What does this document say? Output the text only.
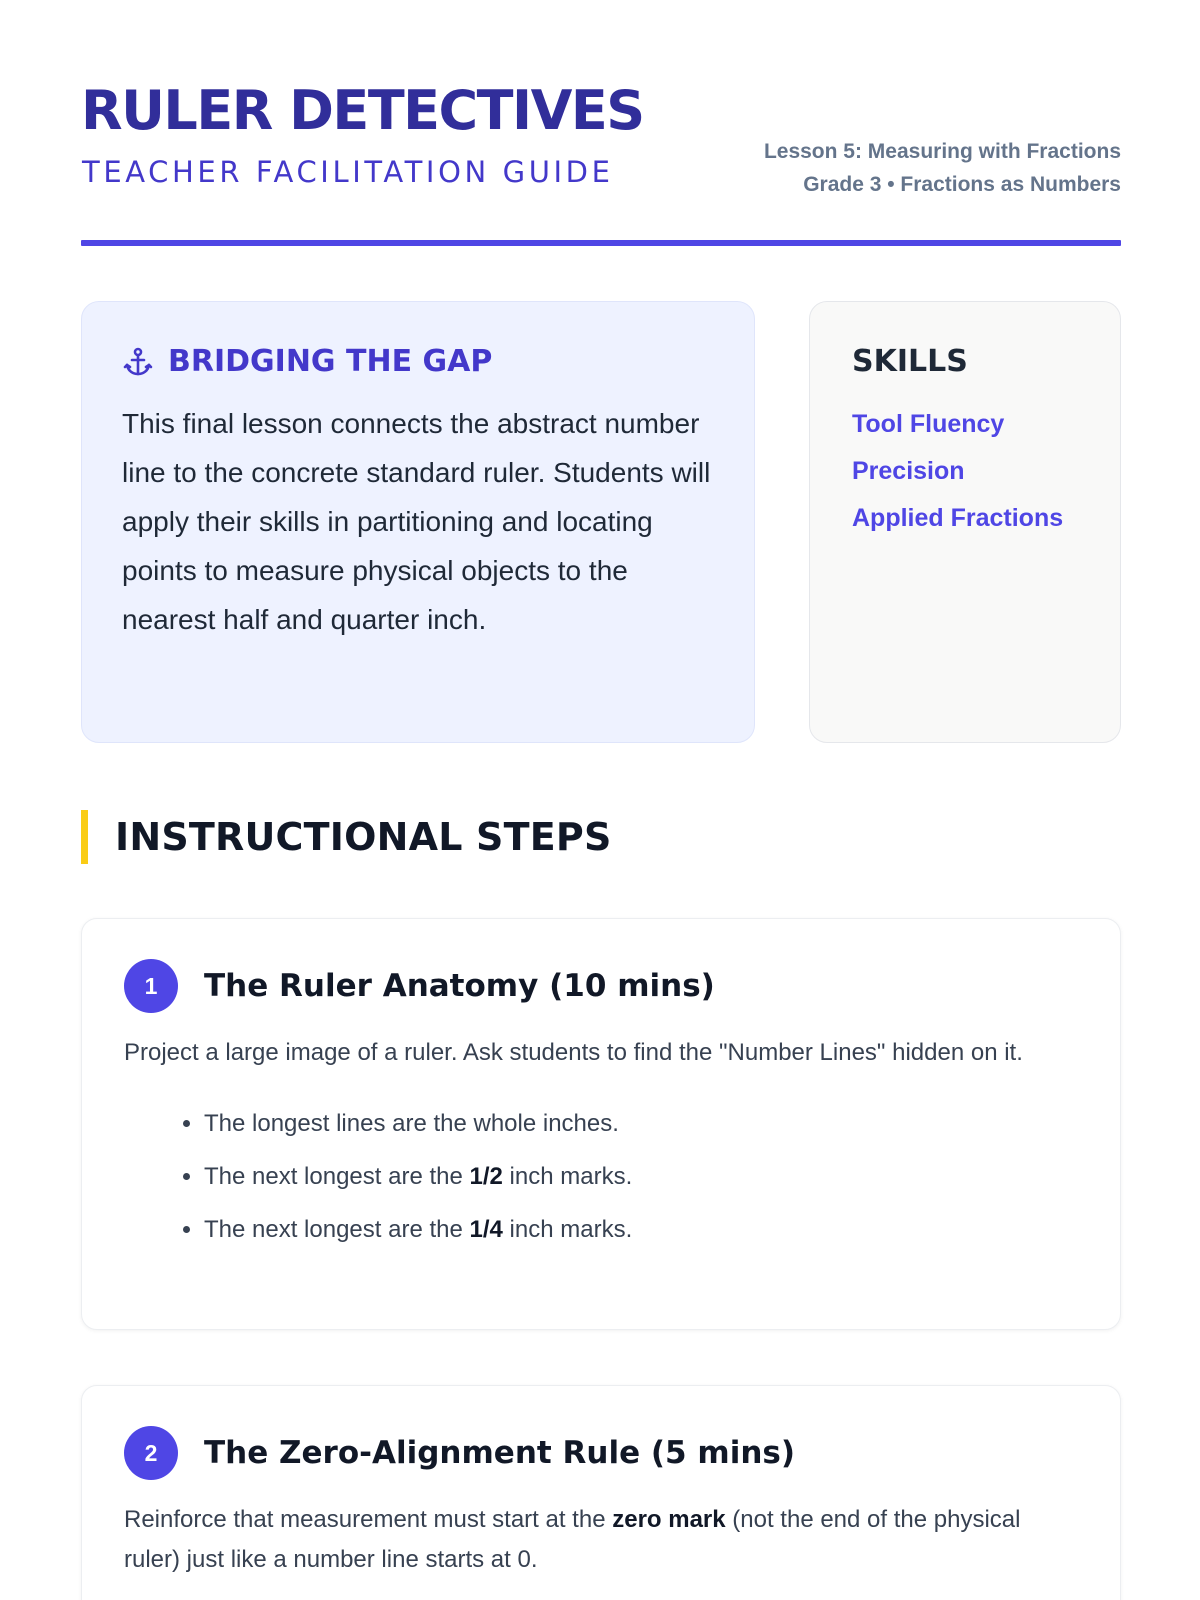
RULER DETECTIVES
TEACHER FACILITATION GUIDE
Lesson 5: Measuring with Fractions
Grade 3 • Fractions as Numbers
BRIDGING THE GAP

This final lesson connects the abstract number line to the concrete standard ruler. Students will apply their skills in partitioning and locating points to measure physical objects to the nearest half and quarter inch.

SKILLS
Tool Fluency
Precision
Applied Fractions
INSTRUCTIONAL STEPS
1	The Ruler Anatomy (10 mins)

Project a large image of a ruler. Ask students to find the "Number Lines" hidden on it.

• The longest lines are the whole inches.
• The next longest are the 1/2 inch marks.
• The next longest are the 1/4 inch marks.
2	The Zero-Alignment Rule (5 mins)

Reinforce that measurement must start at the zero mark (not the end of the physical ruler) just like a number line starts at 0.
